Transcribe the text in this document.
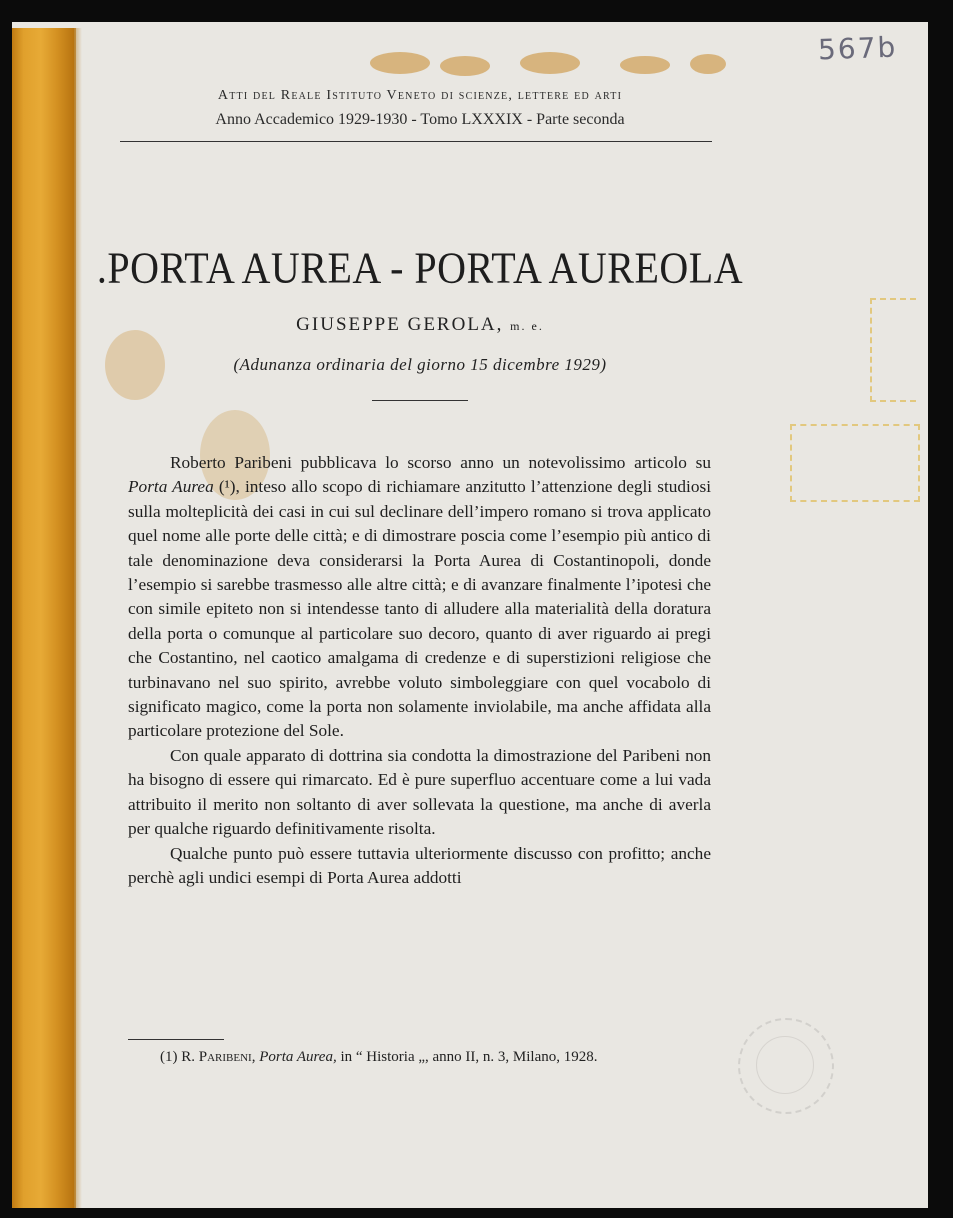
567b
Atti del Reale Istituto Veneto di scienze, lettere ed arti
Anno Accademico 1929-1930 - Tomo LXXXIX - Parte seconda
.PORTA AUREA - PORTA AUREOLA
GIUSEPPE GEROLA, m. e.
(Adunanza ordinaria del giorno 15 dicembre 1929)

Roberto Paribeni pubblicava lo scorso anno un notevolissimo articolo su Porta Aurea (¹), inteso allo scopo di richiamare anzitutto l’attenzione degli studiosi sulla molteplicità dei casi in cui sul declinare dell’impero romano si trova applicato quel nome alle porte delle città; e di dimostrare poscia come l’esempio più antico di tale denominazione deva considerarsi la Porta Aurea di Costantinopoli, donde l’esempio si sarebbe trasmesso alle altre città; e di avanzare finalmente l’ipotesi che con simile epiteto non si intendesse tanto di alludere alla materialità della doratura della porta o comunque al particolare suo decoro, quanto di aver riguardo ai pregi che Costantino, nel caotico amalgama di credenze e di superstizioni religiose che turbinavano nel suo spirito, avrebbe voluto simboleggiare con quel vocabolo di significato magico, come la porta non solamente inviolabile, ma anche affidata alla particolare protezione del Sole.

Con quale apparato di dottrina sia condotta la dimostrazione del Paribeni non ha bisogno di essere qui rimarcato. Ed è pure superfluo accentuare come a lui vada attribuito il merito non soltanto di aver sollevata la questione, ma anche di averla per qualche riguardo definitivamente risolta.

Qualche punto può essere tuttavia ulteriormente discusso con profitto; anche perchè agli undici esempi di Porta Aurea addotti

(1) R. Paribeni, Porta Aurea, in “ Historia „, anno II, n. 3, Milano, 1928.
